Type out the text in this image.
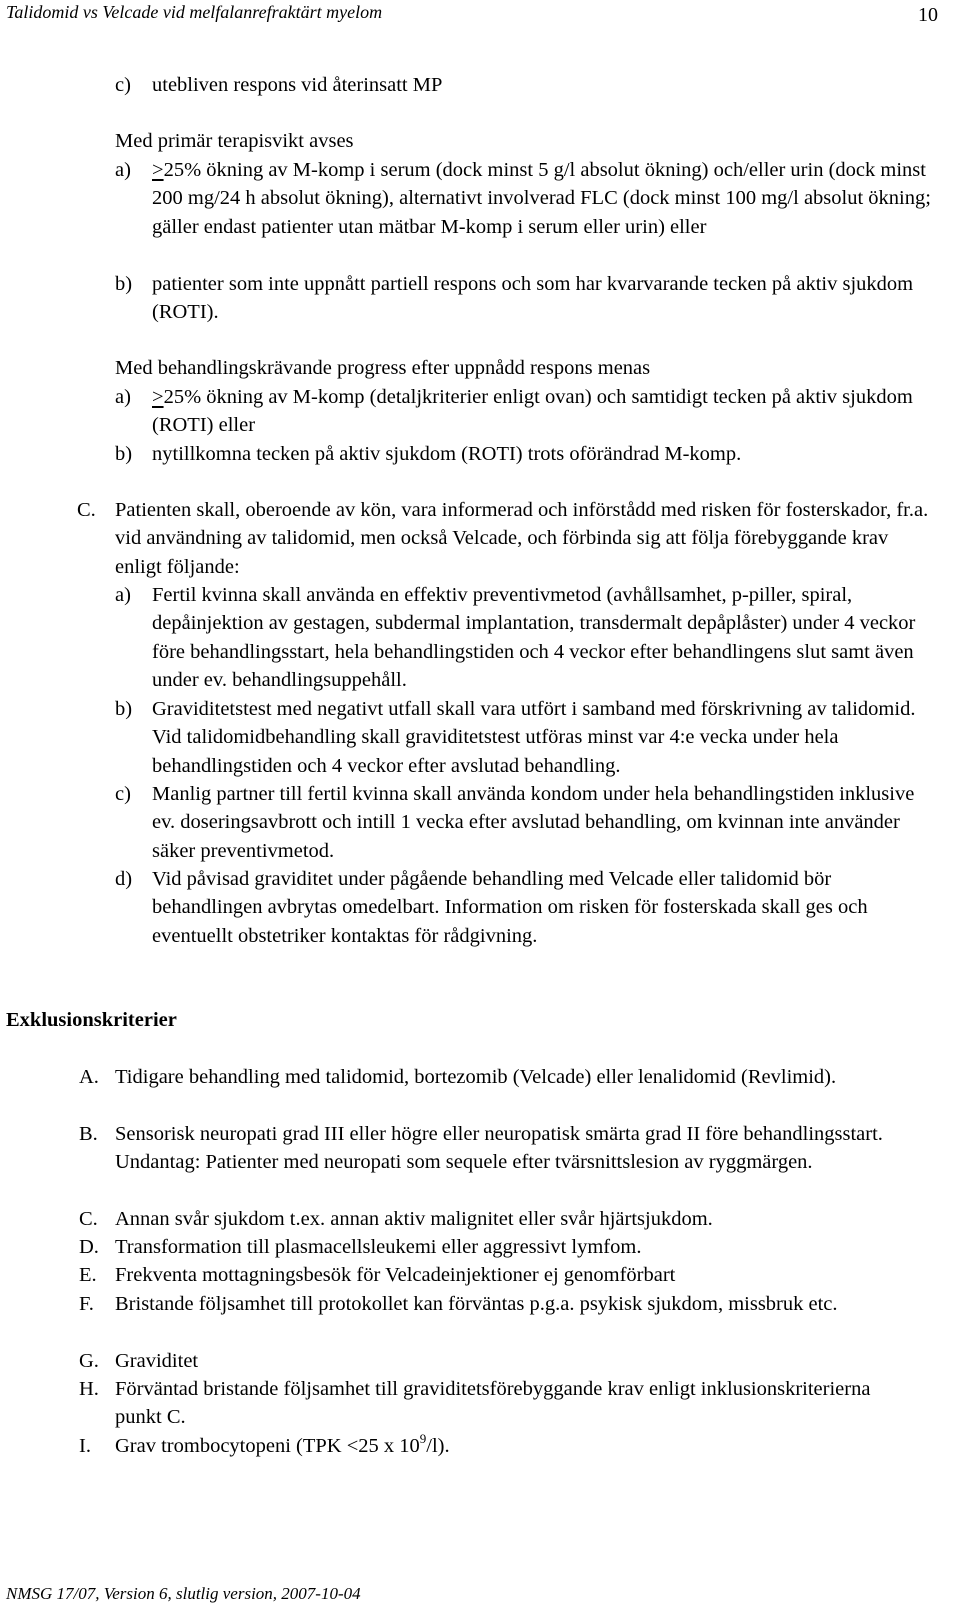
Talidomid vs Velcade vid melfalanrefraktärt myelom	10
c) utebliven respons vid återinsatt MP
Med primär terapisvikt avses
a) ≥25% ökning av M-komp i serum (dock minst 5 g/l absolut ökning) och/eller urin (dock minst 200 mg/24 h absolut ökning), alternativt involverad FLC (dock minst 100 mg/l absolut ökning; gäller endast patienter utan mätbar M-komp i serum eller urin) eller
b) patienter som inte uppnått partiell respons och som har kvarvarande tecken på aktiv sjukdom (ROTI).
Med behandlingskrävande progress efter uppnådd respons menas
a) ≥25% ökning av M-komp (detaljkriterier enligt ovan) och samtidigt tecken på aktiv sjukdom (ROTI) eller
b) nytillkomna tecken på aktiv sjukdom (ROTI) trots oförändrad M-komp.
C. Patienten skall, oberoende av kön, vara informerad och införstådd med risken för fosterskador, fr.a. vid användning av talidomid, men också Velcade, och förbinda sig att följa förebyggande krav enligt följande:
a) Fertil kvinna skall använda en effektiv preventivmetod (avhållsamhet, p-piller, spiral, depåinjektion av gestagen, subdermal implantation, transdermalt depåplåster) under 4 veckor före behandlingsstart, hela behandlingstiden och 4 veckor efter behandlingens slut samt även under ev. behandlingsuppehåll.
b) Graviditetstest med negativt utfall skall vara utfört i samband med förskrivning av talidomid. Vid talidomidbehandling skall graviditetstest utföras minst var 4:e vecka under hela behandlingstiden och 4 veckor efter avslutad behandling.
c) Manlig partner till fertil kvinna skall använda kondom under hela behandlingstiden inklusive ev. doseringsavbrott och intill 1 vecka efter avslutad behandling, om kvinnan inte använder säker preventivmetod.
d) Vid påvisad graviditet under pågående behandling med Velcade eller talidomid bör behandlingen avbrytas omedelbart. Information om risken för fosterskada skall ges och eventuellt obstetriker kontaktas för rådgivning.
Exklusionskriterier
A. Tidigare behandling med talidomid, bortezomib (Velcade) eller lenalidomid (Revlimid).
B. Sensorisk neuropati grad III eller högre eller neuropatisk smärta grad II före behandlingsstart. Undantag: Patienter med neuropati som sequele efter tvärsnittslesion av ryggmärgen.
C. Annan svår sjukdom t.ex. annan aktiv malignitet eller svår hjärtsjukdom.
D. Transformation till plasmacellsleukemi eller aggressivt lymfom.
E. Frekventa mottagningsbesök för Velcadeinjektioner ej genomförbart
F. Bristande följsamhet till protokollet kan förväntas p.g.a. psykisk sjukdom, missbruk etc.
G. Graviditet
H. Förväntad bristande följsamhet till graviditetsförebyggande krav enligt inklusionskriterierna punkt C.
I. Grav trombocytopeni (TPK <25 x $10^9/l$).
NMSG 17/07, Version 6, slutlig version, 2007-10-04
